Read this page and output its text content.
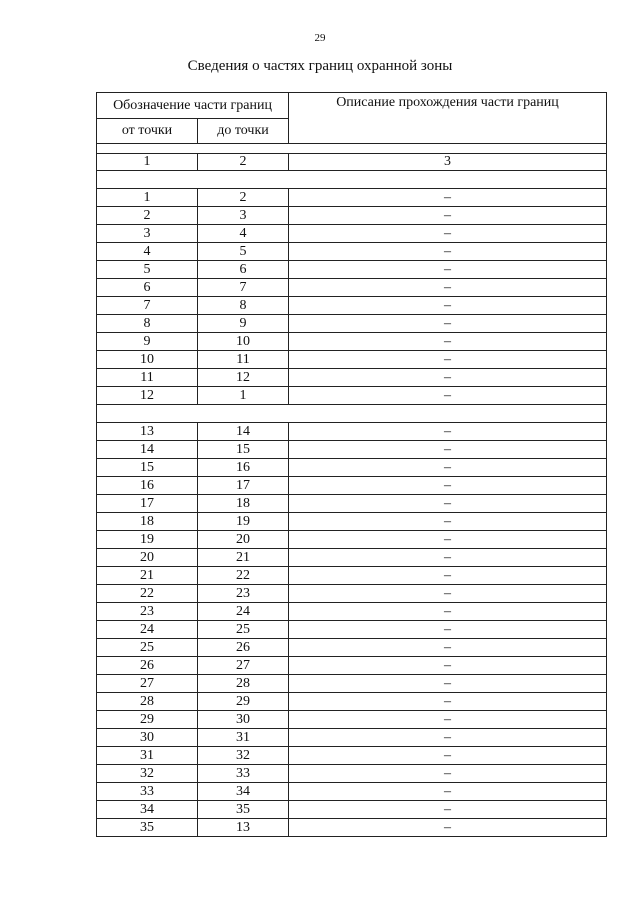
29
Сведения о частях границ охранной зоны
Обозначение части границ		Описание прохождения части границ
от точки	до точки	

1	2	3

1	2	–
2	3	–
3	4	–
4	5	–
5	6	–
6	7	–
7	8	–
8	9	–
9	10	–
10	11	–
11	12	–
12	1	–

13	14	–
14	15	–
15	16	–
16	17	–
17	18	–
18	19	–
19	20	–
20	21	–
21	22	–
22	23	–
23	24	–
24	25	–
25	26	–
26	27	–
27	28	–
28	29	–
29	30	–
30	31	–
31	32	–
32	33	–
33	34	–
34	35	–
35	13	–
